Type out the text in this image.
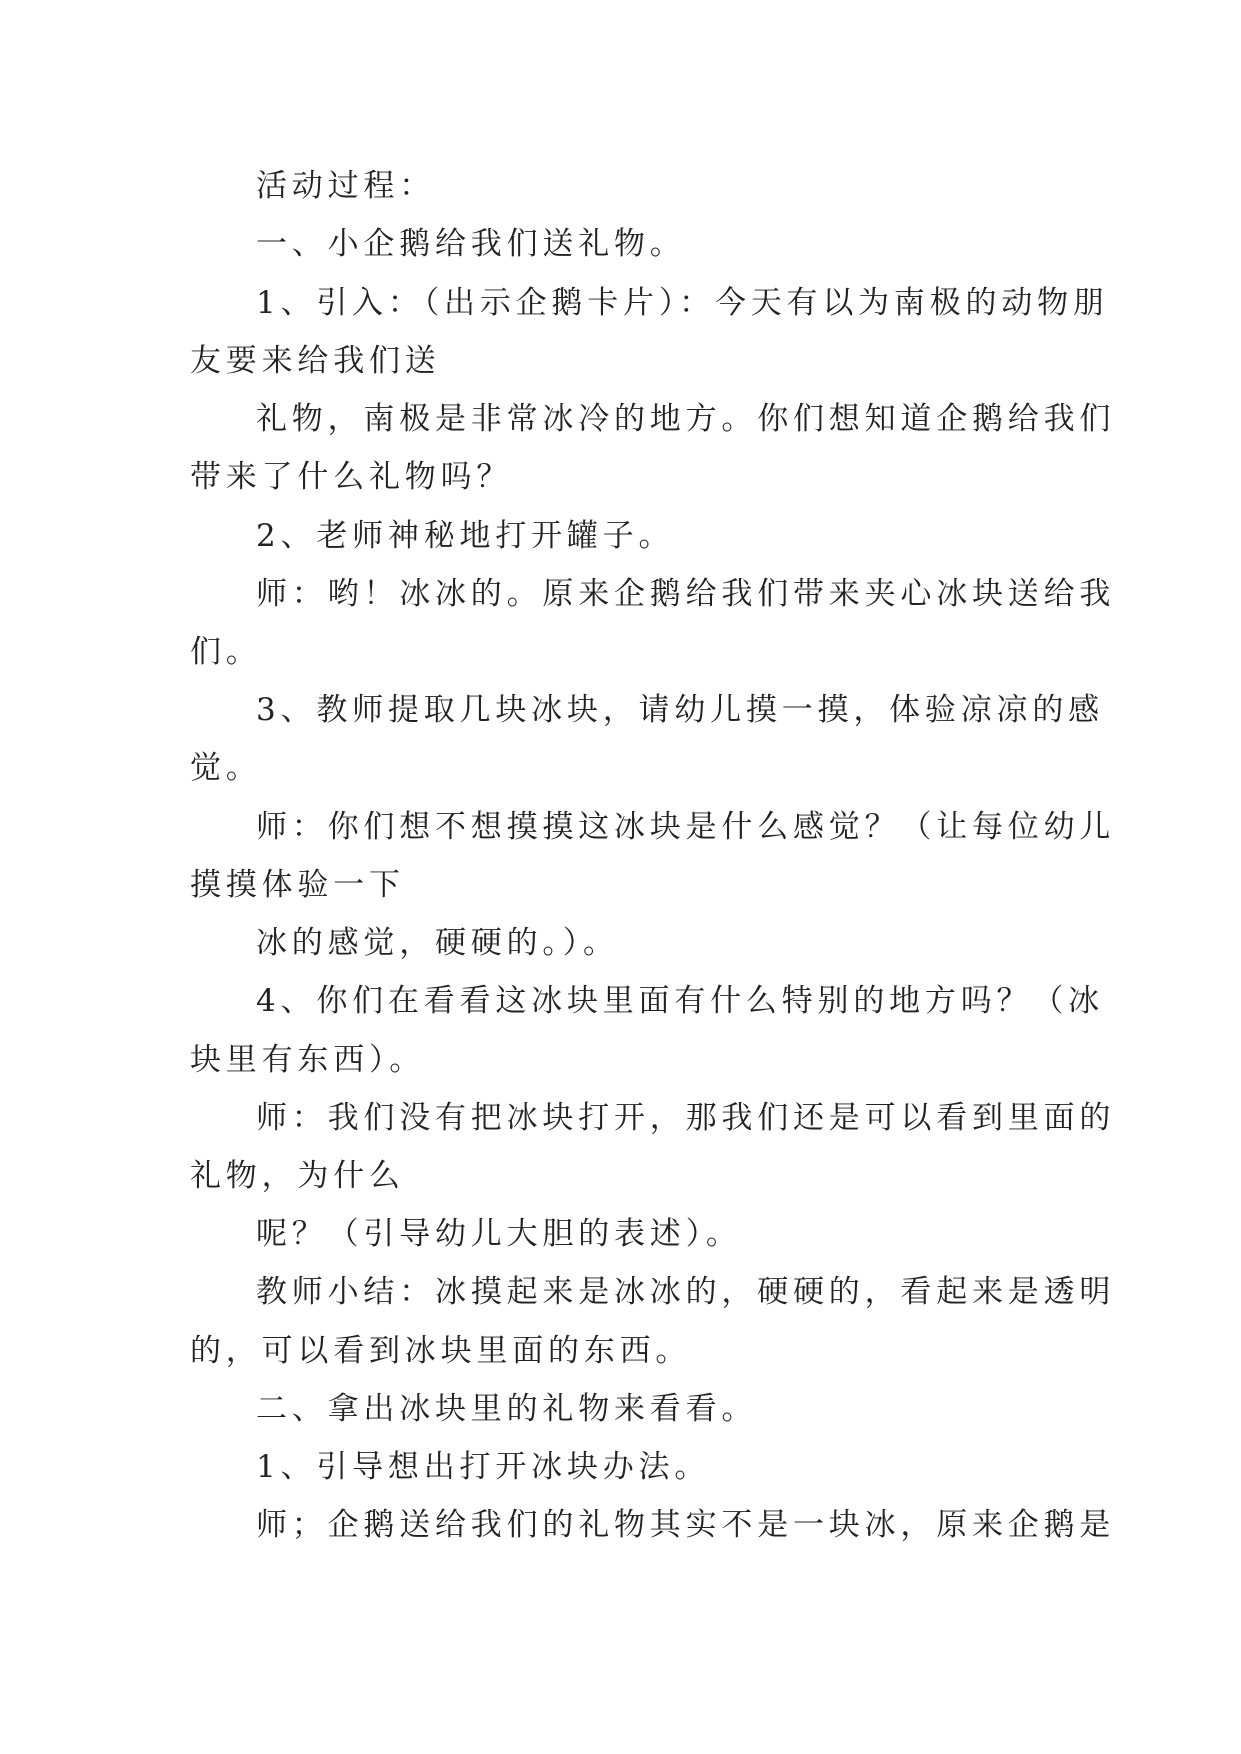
活动过程：
一、小企鹅给我们送礼物。
1、引入：（出示企鹅卡片）：今天有以为南极的动物朋
友要来给我们送
礼物，南极是非常冰冷的地方。你们想知道企鹅给我们
带来了什么礼物吗？
2、老师神秘地打开罐子。
师：哟！冰冰的。原来企鹅给我们带来夹心冰块送给我
们。
3、教师提取几块冰块，请幼儿摸一摸，体验凉凉的感
觉。
师：你们想不想摸摸这冰块是什么感觉？（让每位幼儿
摸摸体验一下
冰的感觉，硬硬的。）。
4、你们在看看这冰块里面有什么特别的地方吗？（冰
块里有东西）。
师：我们没有把冰块打开，那我们还是可以看到里面的
礼物，为什么
呢？（引导幼儿大胆的表述）。
教师小结：冰摸起来是冰冰的，硬硬的，看起来是透明
的，可以看到冰块里面的东西。
二、拿出冰块里的礼物来看看。
1、引导想出打开冰块办法。
师；企鹅送给我们的礼物其实不是一块冰，原来企鹅是
